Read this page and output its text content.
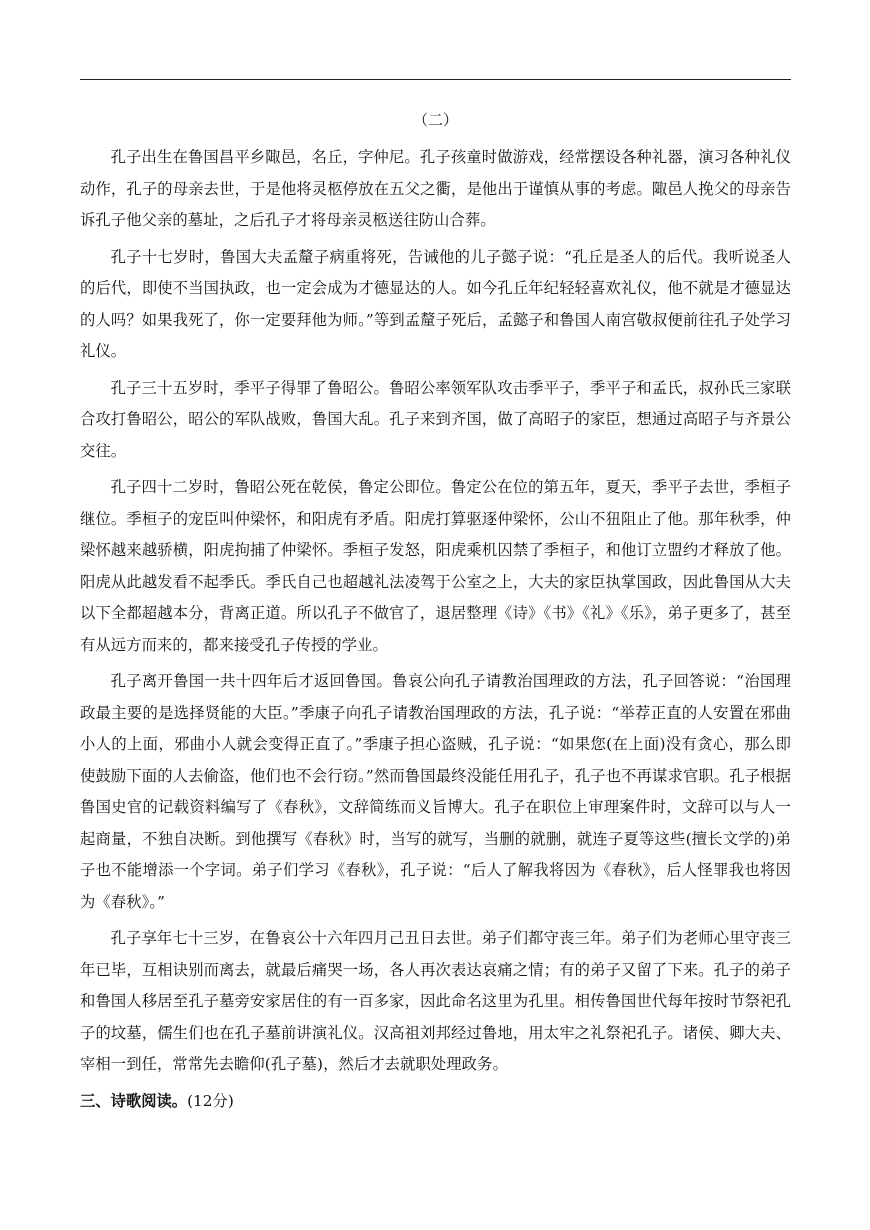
（二）

孔子出生在鲁国昌平乡陬邑，名丘，字仲尼。孔子孩童时做游戏，经常摆设各种礼器，演习各种礼仪动作，孔子的母亲去世，于是他将灵柩停放在五父之衢，是他出于谨慎从事的考虑。陬邑人挽父的母亲告诉孔子他父亲的墓址，之后孔子才将母亲灵柩送往防山合葬。

孔子十七岁时，鲁国大夫孟釐子病重将死，告诫他的儿子懿子说：“孔丘是圣人的后代。我听说圣人的后代，即使不当国执政，也一定会成为才德显达的人。如今孔丘年纪轻轻喜欢礼仪，他不就是才德显达的人吗？如果我死了，你一定要拜他为师。”等到孟釐子死后，孟懿子和鲁国人南宫敬叔便前往孔子处学习礼仪。

孔子三十五岁时，季平子得罪了鲁昭公。鲁昭公率领军队攻击季平子，季平子和孟氏，叔孙氏三家联合攻打鲁昭公，昭公的军队战败，鲁国大乱。孔子来到齐国，做了高昭子的家臣，想通过高昭子与齐景公交往。

孔子四十二岁时，鲁昭公死在乾侯，鲁定公即位。鲁定公在位的第五年，夏天，季平子去世，季桓子继位。季桓子的宠臣叫仲梁怀，和阳虎有矛盾。阳虎打算驱逐仲梁怀，公山不狃阻止了他。那年秋季，仲梁怀越来越骄横，阳虎拘捕了仲梁怀。季桓子发怒，阳虎乘机囚禁了季桓子，和他订立盟约才释放了他。阳虎从此越发看不起季氏。季氏自己也超越礼法凌驾于公室之上，大夫的家臣执掌国政，因此鲁国从大夫以下全都超越本分，背离正道。所以孔子不做官了，退居整理《诗》《书》《礼》《乐》，弟子更多了，甚至有从远方而来的，都来接受孔子传授的学业。

孔子离开鲁国一共十四年后才返回鲁国。鲁哀公向孔子请教治国理政的方法，孔子回答说：“治国理政最主要的是选择贤能的大臣。”季康子向孔子请教治国理政的方法，孔子说：“举荐正直的人安置在邪曲小人的上面，邪曲小人就会变得正直了。”季康子担心盗贼，孔子说：“如果您(在上面)没有贪心，那么即使鼓励下面的人去偷盗，他们也不会行窃。”然而鲁国最终没能任用孔子，孔子也不再谋求官职。孔子根据鲁国史官的记载资料编写了《春秋》，文辞简练而义旨博大。孔子在职位上审理案件时，文辞可以与人一起商量，不独自决断。到他撰写《春秋》时，当写的就写，当删的就删，就连子夏等这些(擅长文学的)弟子也不能增添一个字词。弟子们学习《春秋》，孔子说：“后人了解我将因为《春秋》，后人怪罪我也将因为《春秋》。”

孔子享年七十三岁，在鲁哀公十六年四月己丑日去世。弟子们都守丧三年。弟子们为老师心里守丧三年已毕，互相诀别而离去，就最后痛哭一场，各人再次表达哀痛之情；有的弟子又留了下来。孔子的弟子和鲁国人移居至孔子墓旁安家居住的有一百多家，因此命名这里为孔里。相传鲁国世代每年按时节祭祀孔子的坟墓，儒生们也在孔子墓前讲演礼仪。汉高祖刘邦经过鲁地，用太牢之礼祭祀孔子。诸侯、卿大夫、宰相一到任，常常先去瞻仰(孔子墓)，然后才去就职处理政务。

三、诗歌阅读。(12分)
